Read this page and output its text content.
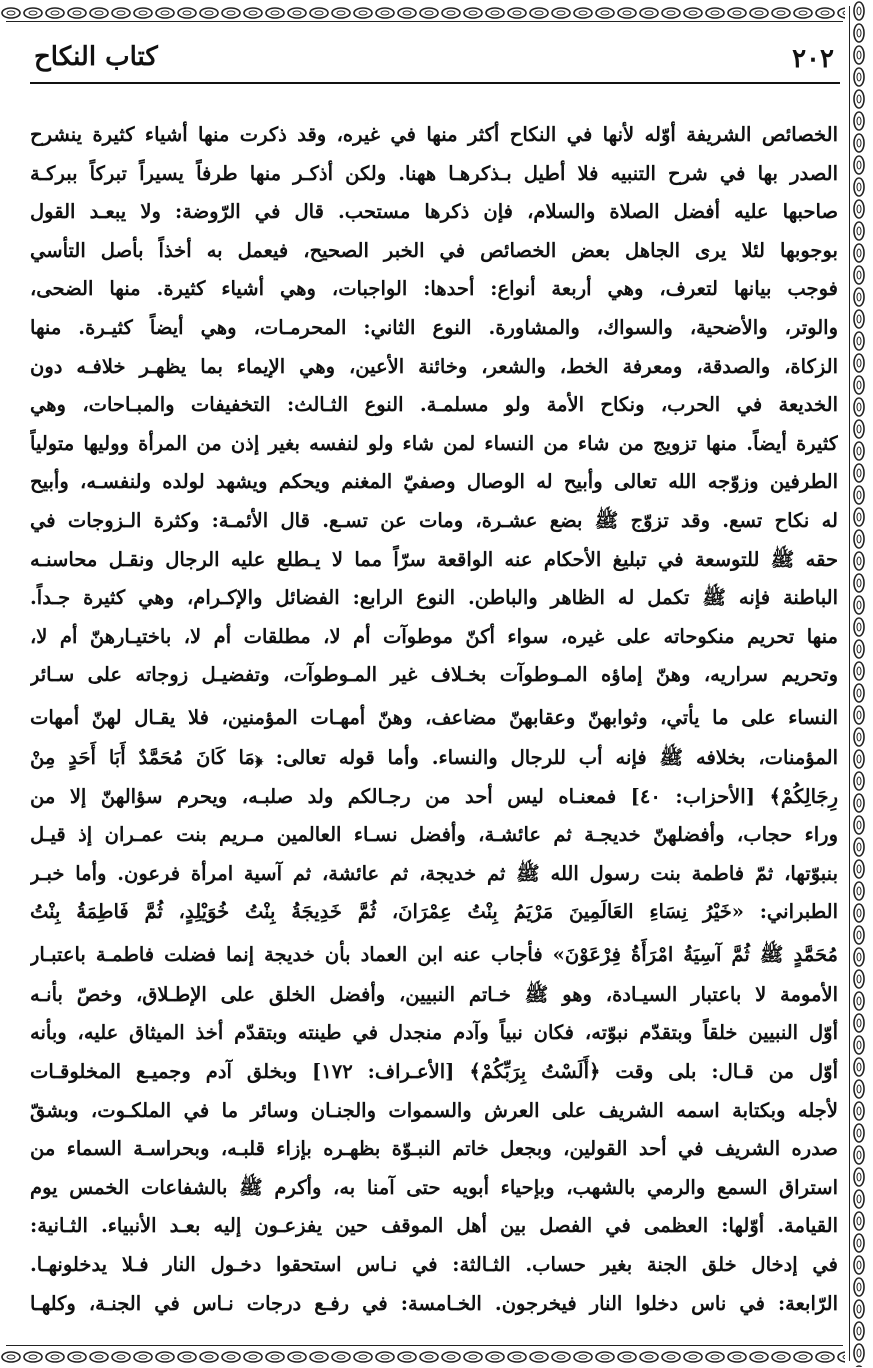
٢٠٢
كتاب النكاح
الخصائص الشريفة أوّله لأنها في النكاح أكثر منها في غيره، وقد ذكرت منها أشياء كثيرة ينشرح
الصدر بها في شرح التنبيه فلا أطيل بـذكرهـا ههنا. ولكن أذكـر منها طرفاً يسيراً تبركاً ببركـة
صاحبها عليه أفضل الصلاة والسلام، فإن ذكرها مستحب. قال في الرّوضة: ولا يبعـد القول
بوجوبها لئلا يرى الجاهل بعض الخصائص في الخبر الصحيح، فيعمل به أخذاً بأصل التأسي
فوجب بيانها لتعرف، وهي أربعة أنواع: أحدها: الواجبات، وهي أشياء كثيرة. منها الضحى،
والوتر، والأضحية، والسواك، والمشاورة. النوع الثاني: المحرمـات، وهي أيضاً كثيـرة. منها
الزكاة، والصدقة، ومعرفة الخط، والشعر، وخائنة الأعين، وهي الإيماء بما يظهـر خلافـه دون
الخديعة في الحرب، ونكاح الأمة ولو مسلمـة. النوع الثـالث: التخفيفات والمبـاحات، وهي
كثيرة أيضاً. منها تزويج من شاء من النساء لمن شاء ولو لنفسه بغير إذن من المرأة ووليها متولياً
الطرفين وزوّجه الله تعالى وأبيح له الوصال وصفيّ المغنم ويحكم ويشهد لولده ولنفسـه، وأبيح
له نكاح تسع. وقد تزوّج ﷺ بضع عشـرة، ومات عن تسـع. قال الأئمـة: وكثرة الـزوجات في
حقه ﷺ للتوسعة في تبليغ الأحكام عنه الواقعة سرّاً مما لا يـطلع عليه الرجال ونقـل محاسنـه
الباطنة فإنه ﷺ تكمل له الظاهر والباطن. النوع الرابع: الفضائل والإكـرام، وهي كثيرة جـداً.
منها تحريم منكوحاته على غيره، سواء أكنّ موطوآت أم لا، مطلقات أم لا، باختيـارهنّ أم لا،
وتحريم سراريه، وهنّ إماؤه المـوطوآت بخـلاف غير المـوطوآت، وتفضيـل زوجاته على سـائر
النساء على ما يأتي، وثوابهنّ وعقابهنّ مضاعف، وهنّ أمهـات المؤمنين، فلا يقـال لهنّ أمهات
المؤمنات، بخلافه ﷺ فإنه أب للرجال والنساء. وأما قوله تعالى: ﴿مَا كَانَ مُحَمَّدٌ أَبَا أَحَدٍ مِنْ
رِجَالِكُمْ﴾ [الأحزاب: ٤٠] فمعنـاه ليس أحد من رجـالكم ولد صلبـه، ويحرم سؤالهنّ إلا من
وراء حجاب، وأفضلهنّ خديجـة ثم عائشـة، وأفضل نسـاء العالمين مـريم بنت عمـران إذ قيـل
بنبوّتها، ثمّ فاطمة بنت رسول الله ﷺ ثم خديجة، ثم عائشة، ثم آسية امرأة فرعون. وأما خبـر
الطبراني: «خَيْرُ نِسَاءِ العَالَمِينَ مَرْيَمُ بِنْتُ عِمْرَانَ، ثُمَّ خَدِيجَةُ بِنْتُ خُوَيْلِدٍ، ثُمَّ فَاطِمَةُ بِنْتُ
مُحَمَّدٍ ﷺ ثُمَّ آسِيَةُ امْرَأَةُ فِرْعَوْنَ» فأجاب عنه ابن العماد بأن خديجة إنما فضلت فاطمـة باعتبـار
الأمومة لا باعتبار السيـادة، وهو ﷺ خـاتم النبيين، وأفضل الخلق على الإطـلاق، وخصّ بأنـه
أوّل النبيين خلقاً وبتقدّم نبوّته، فكان نبياً وآدم منجدل في طينته وبتقدّم أخذ الميثاق عليه، وبأنه
أوّل من قـال: بلى وقت ﴿أَلَسْتُ بِرَبِّكُمْ﴾ [الأعـراف: ١٧٢] وبخلق آدم وجميـع المخلوقـات
لأجله وبكتابة اسمه الشريف على العرش والسموات والجنـان وسائر ما في الملكـوت، وبشقّ
صدره الشريف في أحد القولين، وبجعل خاتم النبـوّة بظهـره بإزاء قلبـه، وبحراسـة السماء من
استراق السمع والرمي بالشهب، وبإحياء أبويه حتى آمنا به، وأكرم ﷺ بالشفاعات الخمس يوم
القيامة. أوّلها: العظمى في الفصل بين أهل الموقف حين يفزعـون إليه بعـد الأنبياء. الثـانية:
في إدخال خلق الجنة بغير حساب. الثـالثة: في نـاس استحقوا دخـول النار فـلا يدخلونهـا.
الرّابعة: في ناس دخلوا النار فيخرجون. الخـامسة: في رفـع درجات نـاس في الجنـة، وكلهـا
